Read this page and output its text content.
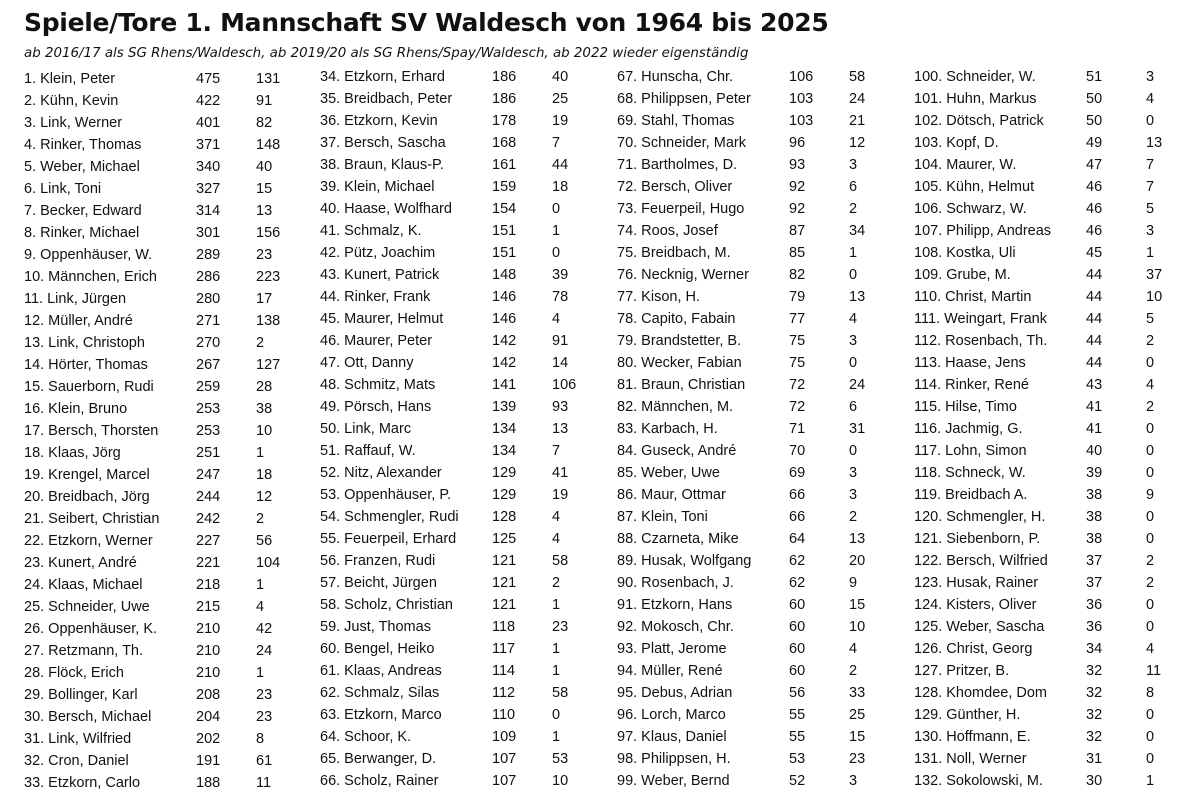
Spiele/Tore 1. Mannschaft SV Waldesch von 1964 bis 2025
ab 2016/17 als SG Rhens/Waldesch, ab 2019/20 als SG Rhens/Spay/Waldesch, ab 2022 wieder eigenständig
1. Klein, Peter	475 131
2. Kühn, Kevin	422 91
3. Link, Werner	401 82
4. Rinker, Thomas	371 148
5. Weber, Michael	340 40
6. Link, Toni	327 15
7. Becker, Edward	314 13
8. Rinker, Michael	301 156
9. Oppenhäuser, W.	289 23
10. Männchen, Erich	286 223
11. Link, Jürgen	280 17
12. Müller, André	271 138
13. Link, Christoph	270 2
14. Hörter, Thomas	267 127
15. Sauerborn, Rudi	259 28
16. Klein, Bruno	253 38
17. Bersch, Thorsten	253 10
18. Klaas, Jörg	251 1
19. Krengel, Marcel	247 18
20. Breidbach, Jörg	244 12
21. Seibert, Christian	242 2
22. Etzkorn, Werner	227 56
23. Kunert, André	221 104
24. Klaas, Michael	218 1
25. Schneider, Uwe	215 4
26. Oppenhäuser, K.	210 42
27. Retzmann, Th.	210 24
28. Flöck, Erich	210 1
29. Bollinger, Karl	208 23
30. Bersch, Michael	204 23
31. Link, Wilfried	202 8
32. Cron, Daniel	191 61
33. Etzkorn, Carlo	188 11
34. Etzkorn, Erhard	186 40
35. Breidbach, Peter	186 25
36. Etzkorn, Kevin	178 19
37. Bersch, Sascha	168 7
38. Braun, Klaus-P.	161 44
39. Klein, Michael	159 18
40. Haase, Wolfhard	154 0
41. Schmalz, K.	151 1
42. Pütz, Joachim	151 0
43. Kunert, Patrick	148 39
44. Rinker, Frank	146 78
45. Maurer, Helmut	146 4
46. Maurer, Peter	142 91
47. Ott, Danny	142 14
48. Schmitz, Mats	141 106
49. Pörsch, Hans	139 93
50. Link, Marc	134 13
51. Raffauf, W.	134 7
52. Nitz, Alexander	129 41
53. Oppenhäuser, P.	129 19
54. Schmengler, Rudi 128 4
55. Feuerpeil, Erhard 125 4
56. Franzen, Rudi	121 58
57. Beicht, Jürgen	121 2
58. Scholz, Christian	121 1
59. Just, Thomas	118	23
60. Bengel, Heiko	117	1
61. Klaas, Andreas	114	1
62. Schmalz, Silas	112	58
63. Etzkorn, Marco	110	0
64. Schoor, K.	109 1
65. Berwanger, D.	107 53
66. Scholz, Rainer	107 10
67. Hunscha, Chr.	106 58
68. Philippsen, Peter	103 24
69. Stahl, Thomas	103 21
70. Schneider, Mark	96	12
71. Bartholmes, D.	93	3
72. Bersch, Oliver	92	6
73. Feuerpeil, Hugo	92	2
74. Roos, Josef	87	34
75. Breidbach, M.	85	1
76. Necknig, Werner	82	0
77. Kison, H.	79	13
78. Capito, Fabain	77	4
79. Brandstetter, B.	75	3
80. Wecker, Fabian	75	0
81. Braun, Christian	72	24
82. Männchen, M.	72	6
83. Karbach, H.	71	31
84. Guseck, André	70	0
85. Weber, Uwe	69	3
86. Maur, Ottmar	66	3
87. Klein, Toni	66	2
88. Czarneta, Mike	64	13
89. Husak, Wolfgang	62	20
90. Rosenbach, J.	62	9
91. Etzkorn, Hans	60	15
92. Mokosch, Chr.	60	10
93. Platt, Jerome	60	4
94. Müller, René	60	2
95. Debus, Adrian	56	33
96. Lorch, Marco	55	25
97. Klaus, Daniel	55	15
98. Philippsen, H.	53	23
99. Weber, Bernd	52	3
100. Schneider, W.	51	3
101. Huhn, Markus	50	4
102. Dötsch, Patrick	50	0
103. Kopf, D.	49	13
104. Maurer, W.	47	7
105. Kühn, Helmut	46	7
106. Schwarz, W.	46	5
107. Philipp, Andreas 46	3
108. Kostka, Uli	45	1
109. Grube, M.	44	37
110. Christ, Martin	44	10
111. Weingart, Frank	44	5
112. Rosenbach, Th.	44	2
113. Haase, Jens	44	0
114. Rinker, René	43	4
115. Hilse, Timo	41	2
116. Jachmig, G.	41	0
117. Lohn, Simon	40	0
118. Schneck, W.	39	0
119. Breidbach A.	38	9
120. Schmengler, H.	38	0
121. Siebenborn, P.	38	0
122. Bersch, Wilfried	37	2
123. Husak, Rainer	37	2
124. Kisters, Oliver	36	0
125. Weber, Sascha	36	0
126. Christ, Georg	34	4
127. Pritzer, B.	32	11
128. Khomdee, Dom	32	8
129. Günther, H.	32	0
130. Hoffmann, E.	32	0
131. Noll, Werner	31	0
132. Sokolowski, M.	30	1
